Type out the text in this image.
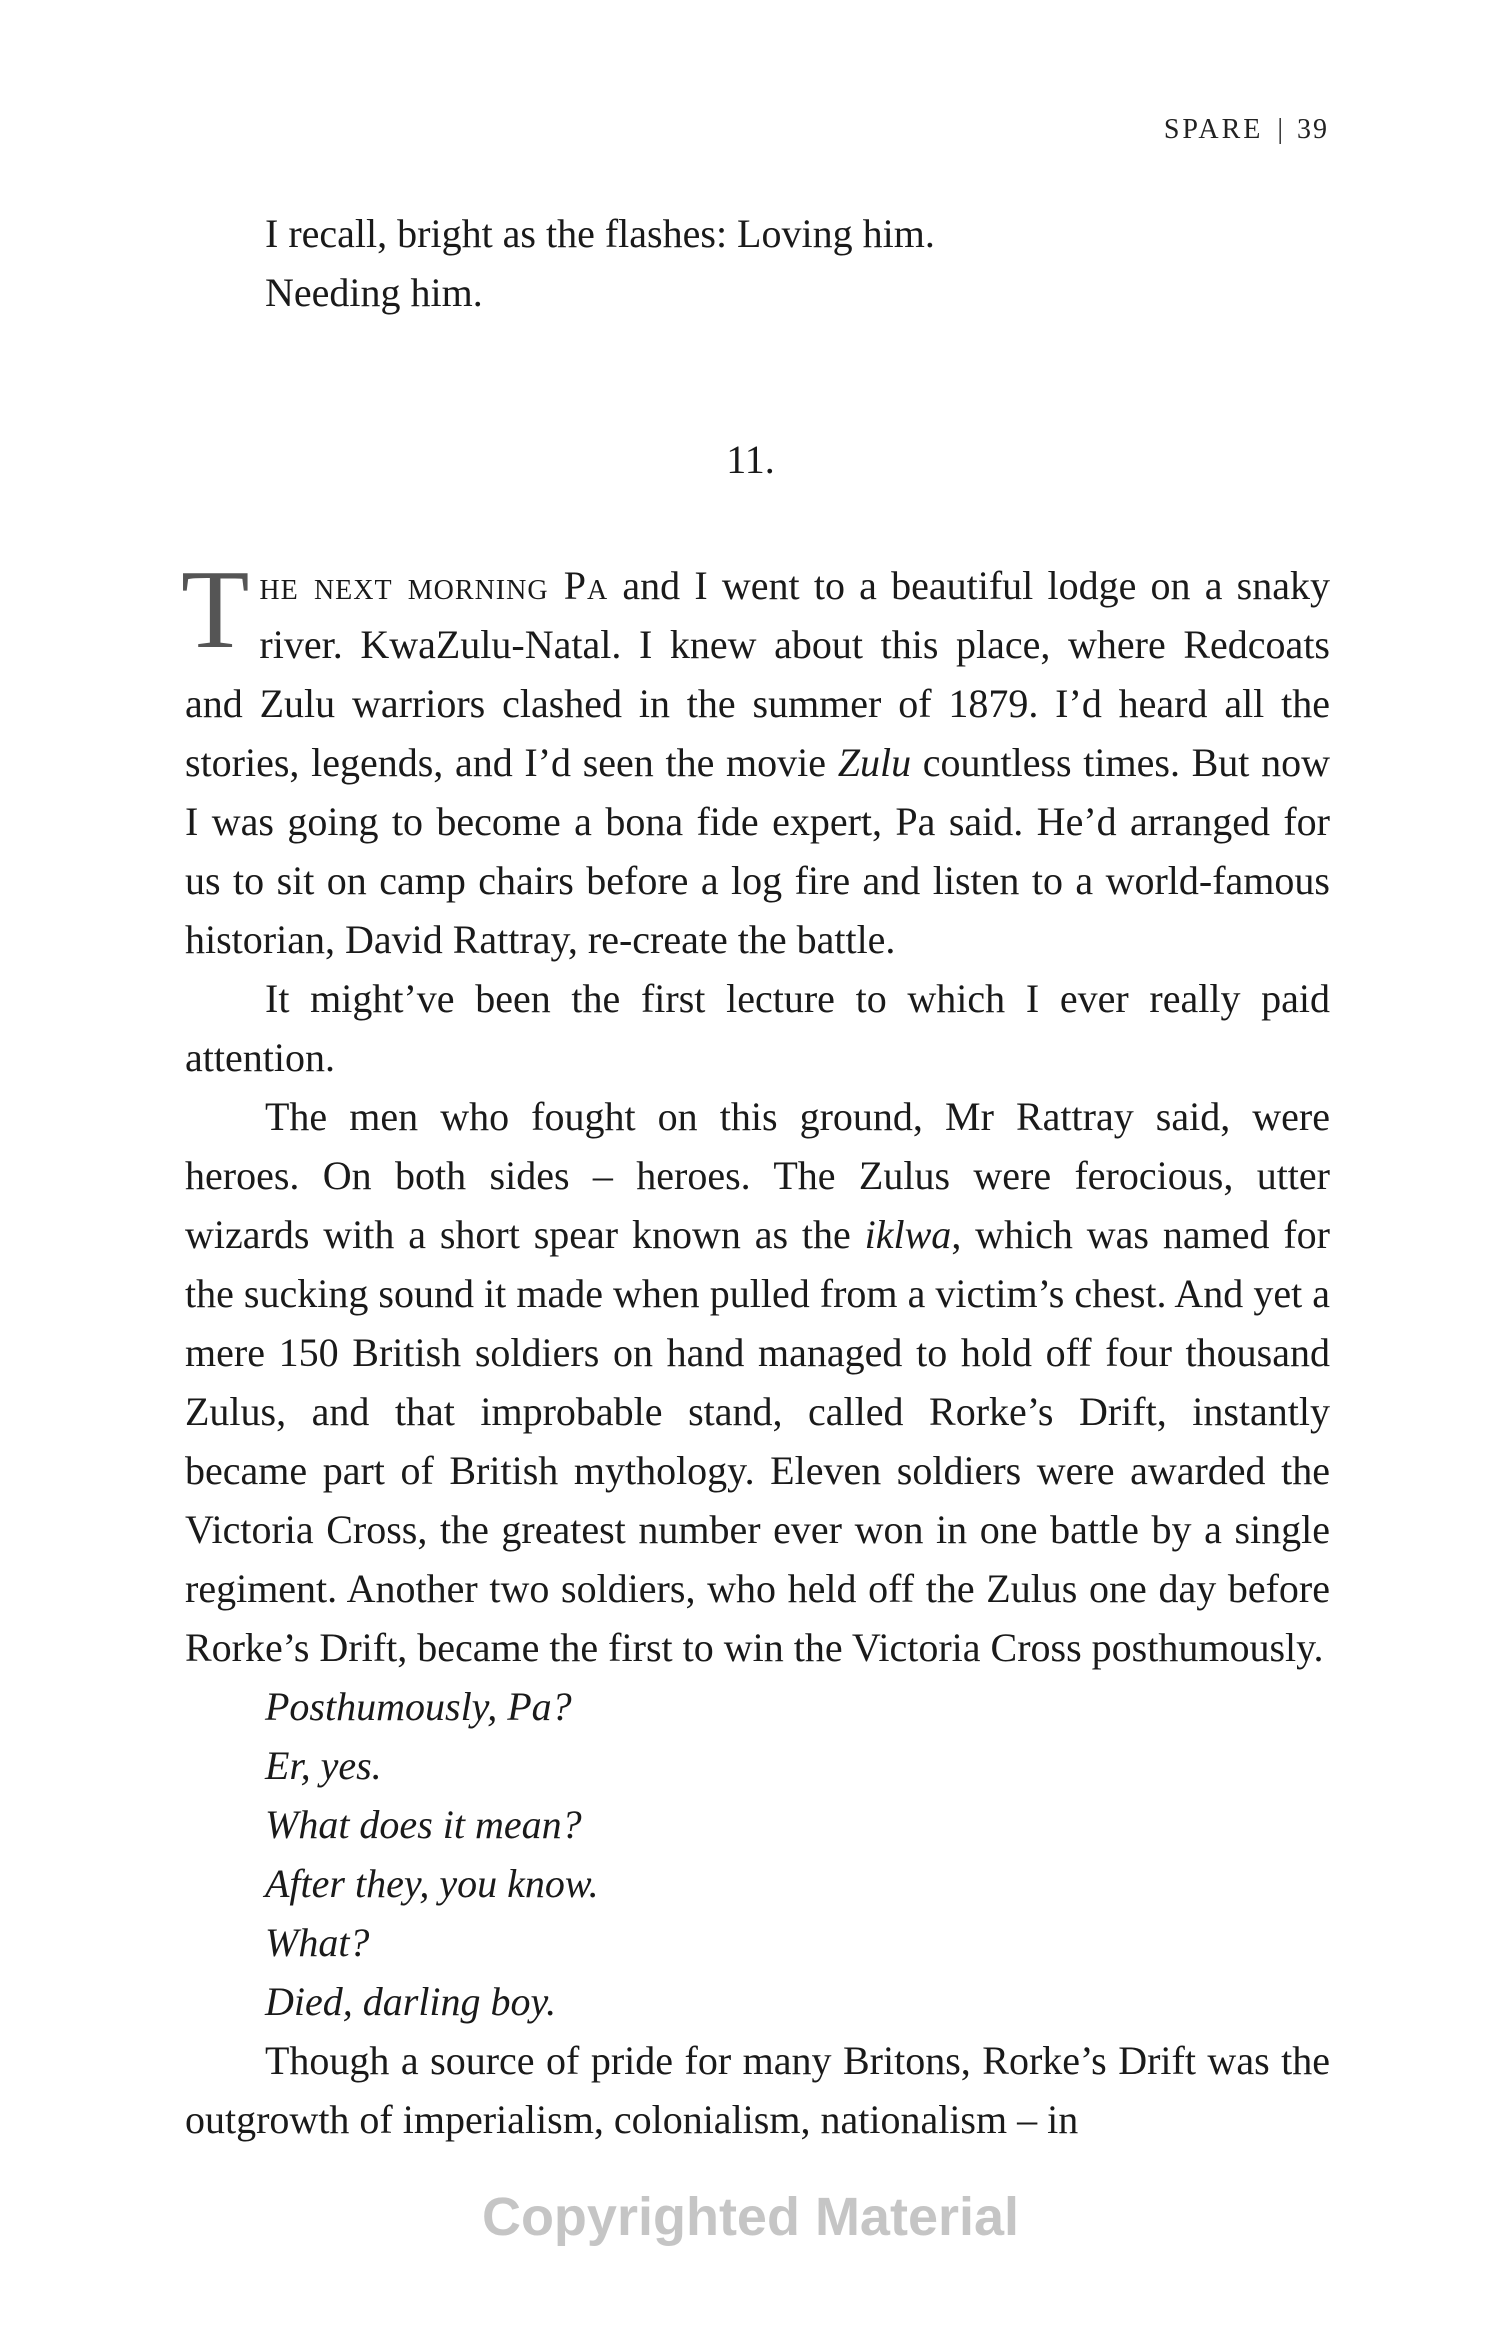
SPARE | 39

I recall, bright as the flashes: Loving him.

Needing him.

11.

The next morning Pa and I went to a beautiful lodge on a snaky river. KwaZulu-Natal. I knew about this place, where Redcoats and Zulu warriors clashed in the summer of 1879. I’d heard all the stories, legends, and I’d seen the movie Zulu countless times. But now I was going to become a bona fide expert, Pa said. He’d arranged for us to sit on camp chairs before a log fire and listen to a world-famous historian, David Rattray, re-create the battle.

It might’ve been the first lecture to which I ever really paid attention.

The men who fought on this ground, Mr Rattray said, were heroes. On both sides – heroes. The Zulus were ferocious, utter wizards with a short spear known as the iklwa, which was named for the sucking sound it made when pulled from a victim’s chest. And yet a mere 150 British soldiers on hand managed to hold off four thousand Zulus, and that improbable stand, called Rorke’s Drift, instantly became part of British mythology. Eleven soldiers were awarded the Victoria Cross, the greatest number ever won in one battle by a single regiment. Another two soldiers, who held off the Zulus one day before Rorke’s Drift, became the first to win the Victoria Cross posthumously.

Posthumously, Pa?

Er, yes.

What does it mean?

After they, you know.

What?

Died, darling boy.

Though a source of pride for many Britons, Rorke’s Drift was the outgrowth of imperialism, colonialism, nationalism – in

Copyrighted Material
